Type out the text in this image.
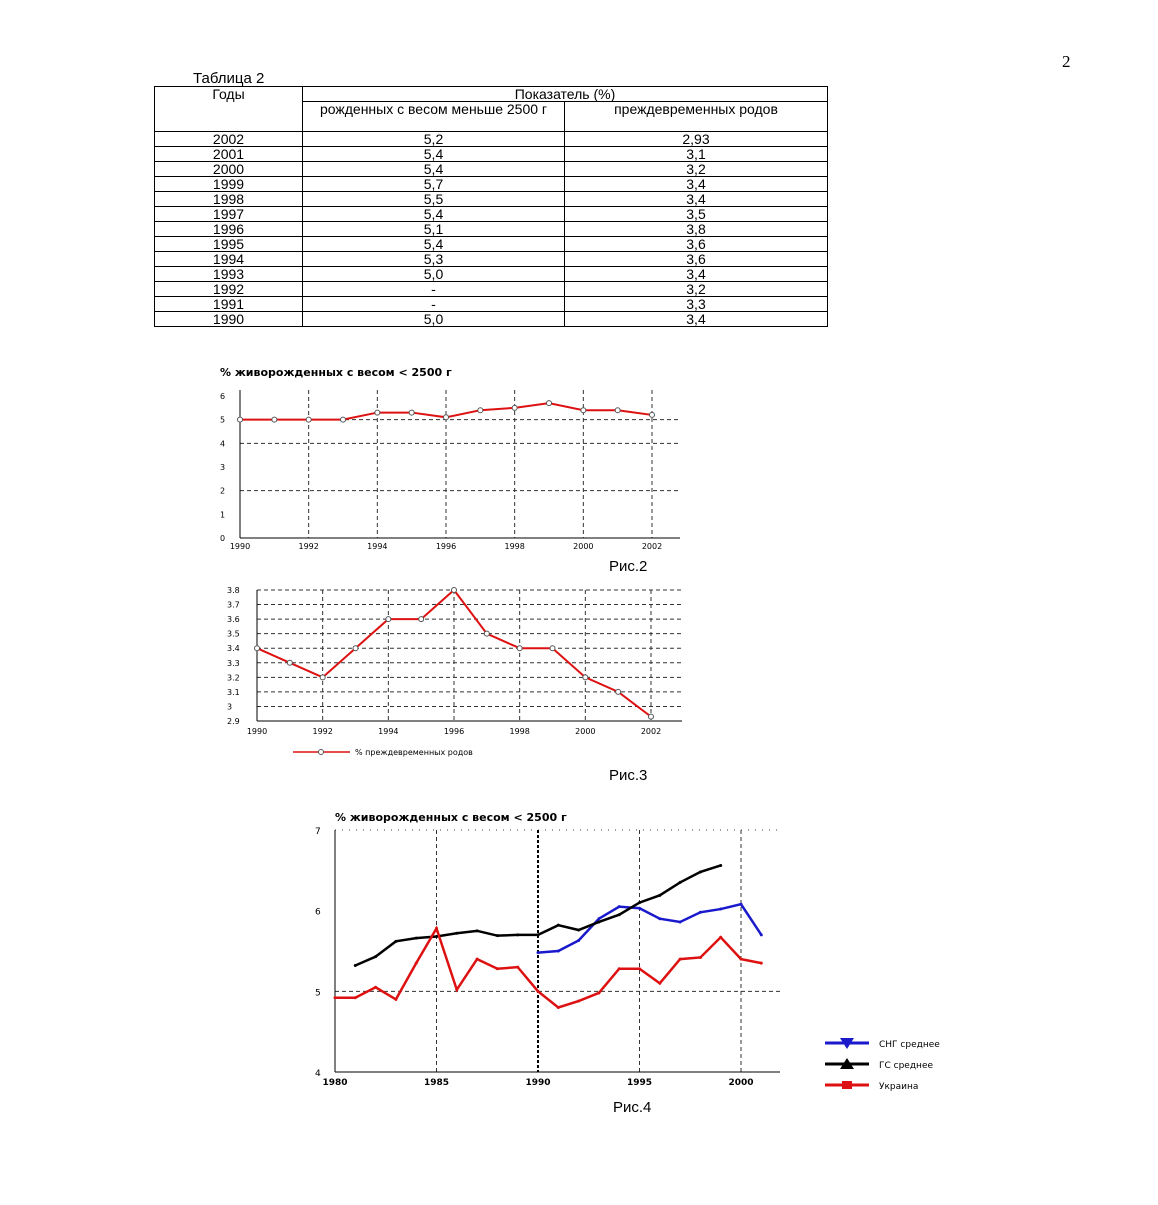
2
Таблица 2
Годы	Показатель (%)	
	рожденных с весом меньше 2500 г	преждевременных родов
2002	5,2	2,93
2001	5,4	3,1
2000	5,4	3,2
1999	5,7	3,4
1998	5,5	3,4
1997	5,4	3,5
1996	5,1	3,8
1995	5,4	3,6
1994	5,3	3,6
1993	5,0	3,4
1992	-	3,2
1991	-	3,3
1990	5,0	3,4
% живорожденных с весом < 2500 г
0
1
2
3
4
5
6
1990	1992	1994	1996	1998	2000	2002
Рис.2
2.9
3
3.1
3.2
3.3
3.4
3.5
3.6
3.7
3.8
1990	1992	1994	1996	1998	2000	2002
% преждевременных родов
Рис.3
% живорожденных с весом < 2500 г
4
5
6
7
1980	1985	1990	1995	2000
СНГ среднее
ГС среднее
Украина
Рис.4
